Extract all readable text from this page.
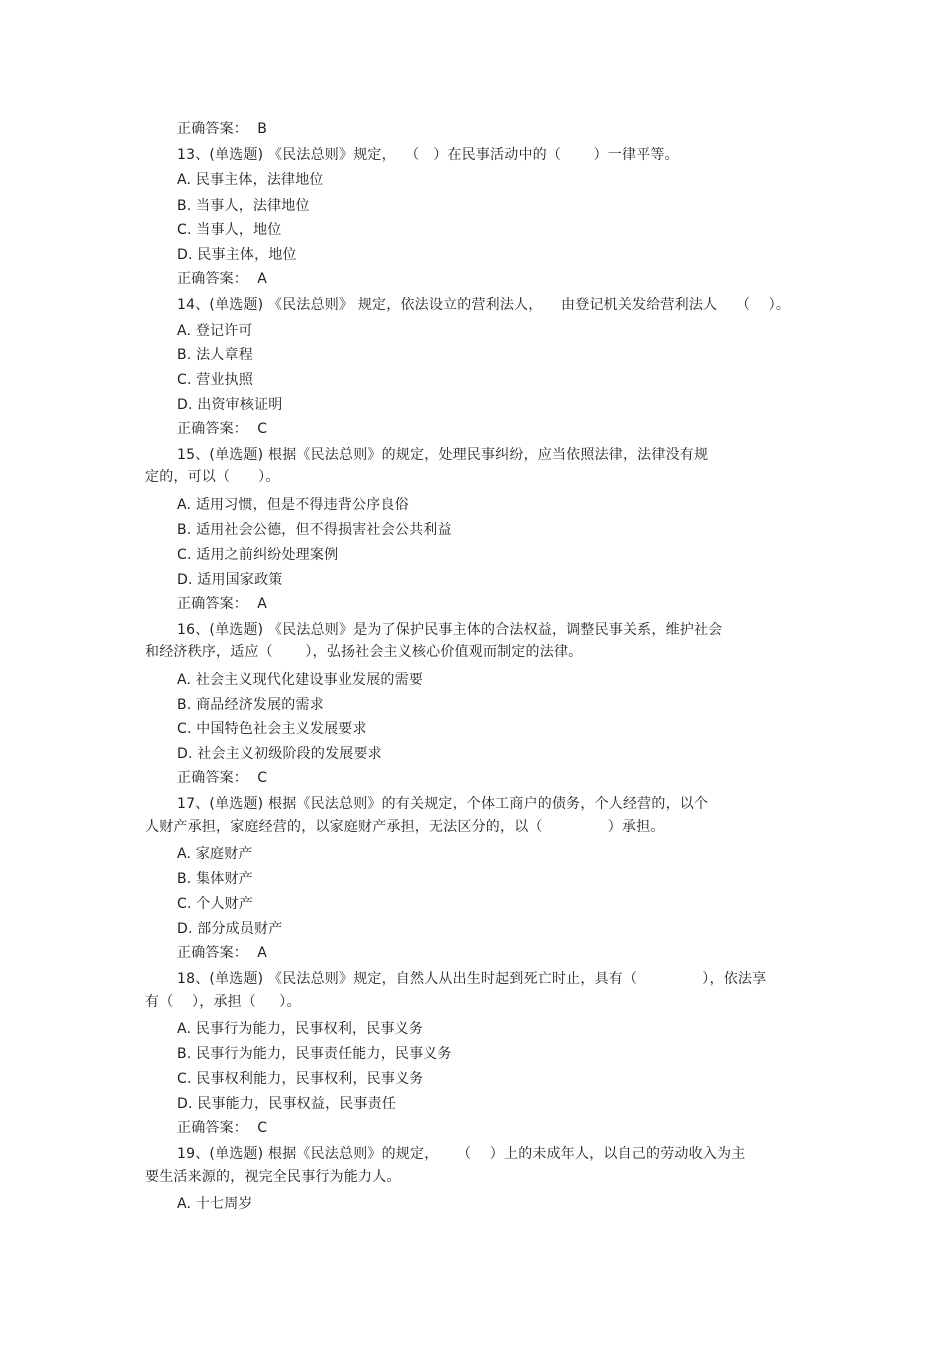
正确答案：  B
13、(单选题) 《民法总则》规定，  （   ）在民事活动中的（       ）一律平等。
A. 民事主体，法律地位
B. 当事人，法律地位
C. 当事人，地位
D. 民事主体，地位
正确答案：  A
14、(单选题) 《民法总则》 规定，依法设立的营利法人，    由登记机关发给营利法人    （    ）。
A. 登记许可
B. 法人章程
C. 营业执照
D. 出资审核证明
正确答案：  C
15、(单选题) 根据《民法总则》的规定，处理民事纠纷，应当依照法律，法律没有规
定的，可以（      ）。
A. 适用习惯，但是不得违背公序良俗
B. 适用社会公德，但不得损害社会公共利益
C. 适用之前纠纷处理案例
D. 适用国家政策
正确答案：  A
16、(单选题) 《民法总则》是为了保护民事主体的合法权益，调整民事关系，维护社会
和经济秩序，适应（       ），弘扬社会主义核心价值观而制定的法律。
A. 社会主义现代化建设事业发展的需要
B. 商品经济发展的需求
C. 中国特色社会主义发展要求
D. 社会主义初级阶段的发展要求
正确答案：  C
17、(单选题) 根据《民法总则》的有关规定，个体工商户的债务，个人经营的，以个
人财产承担，家庭经营的，以家庭财产承担，无法区分的，以（              ）承担。
A. 家庭财产
B. 集体财产
C. 个人财产
D. 部分成员财产
正确答案：  A
18、(单选题) 《民法总则》规定，自然人从出生时起到死亡时止，具有（              ），依法享
有（    ），承担（     ）。
A. 民事行为能力，民事权利，民事义务
B. 民事行为能力，民事责任能力，民事义务
C. 民事权利能力，民事权利，民事义务
D. 民事能力，民事权益，民事责任
正确答案：  C
19、(单选题) 根据《民法总则》的规定，    （    ）上的未成年人，以自己的劳动收入为主
要生活来源的，视完全民事行为能力人。
A. 十七周岁
